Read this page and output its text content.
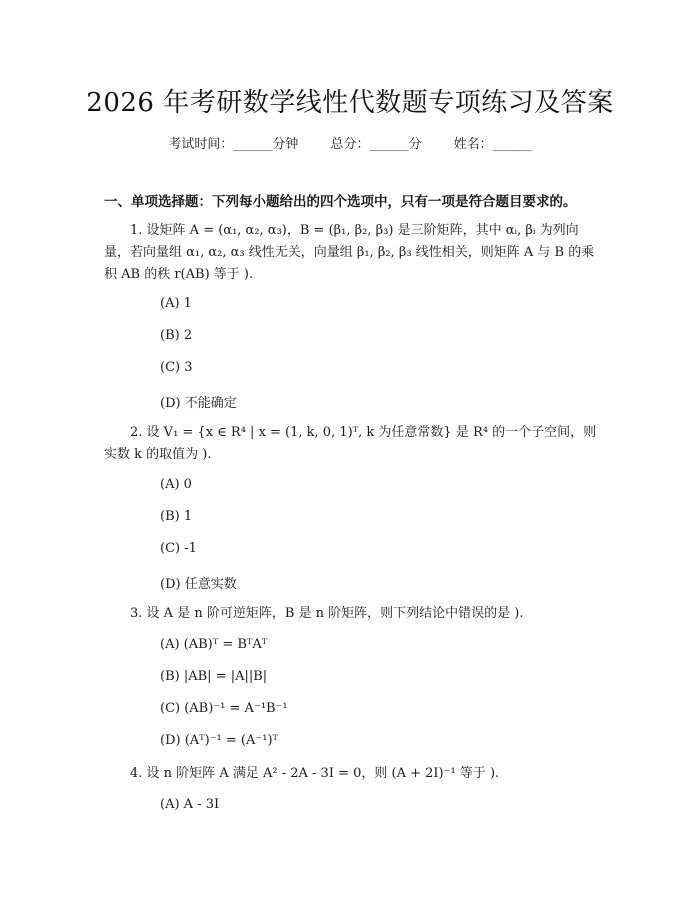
2026 年考研数学线性代数题专项练习及答案
考试时间：______分钟 总分：______分 姓名：______
一、单项选择题：下列每小题给出的四个选项中，只有一项是符合题目要求的。
1. 设矩阵 A = (α₁, α₂, α₃)，B = (β₁, β₂, β₃) 是三阶矩阵，其中 αᵢ, βᵢ 为列向量，若向量组 α₁, α₂, α₃ 线性无关，向量组 β₁, β₂, β₃ 线性相关，则矩阵 A 与 B 的乘积 AB 的秩 r(AB) 等于 ).
(A) 1
(B) 2
(C) 3
(D) 不能确定
2. 设 V₁ = {x ∈ R⁴ | x = (1, k, 0, 1)ᵀ, k 为任意常数} 是 R⁴ 的一个子空间，则实数 k 的取值为 ).
(A) 0
(B) 1
(C) -1
(D) 任意实数
3. 设 A 是 n 阶可逆矩阵，B 是 n 阶矩阵，则下列结论中错误的是 ).
(A) (AB)ᵀ = BᵀAᵀ
(B) |AB| = |A||B|
(C) (AB)⁻¹ = A⁻¹B⁻¹
(D) (Aᵀ)⁻¹ = (A⁻¹)ᵀ
4. 设 n 阶矩阵 A 满足 A² - 2A - 3I = 0，则 (A + 2I)⁻¹ 等于 ).
(A) A - 3I
